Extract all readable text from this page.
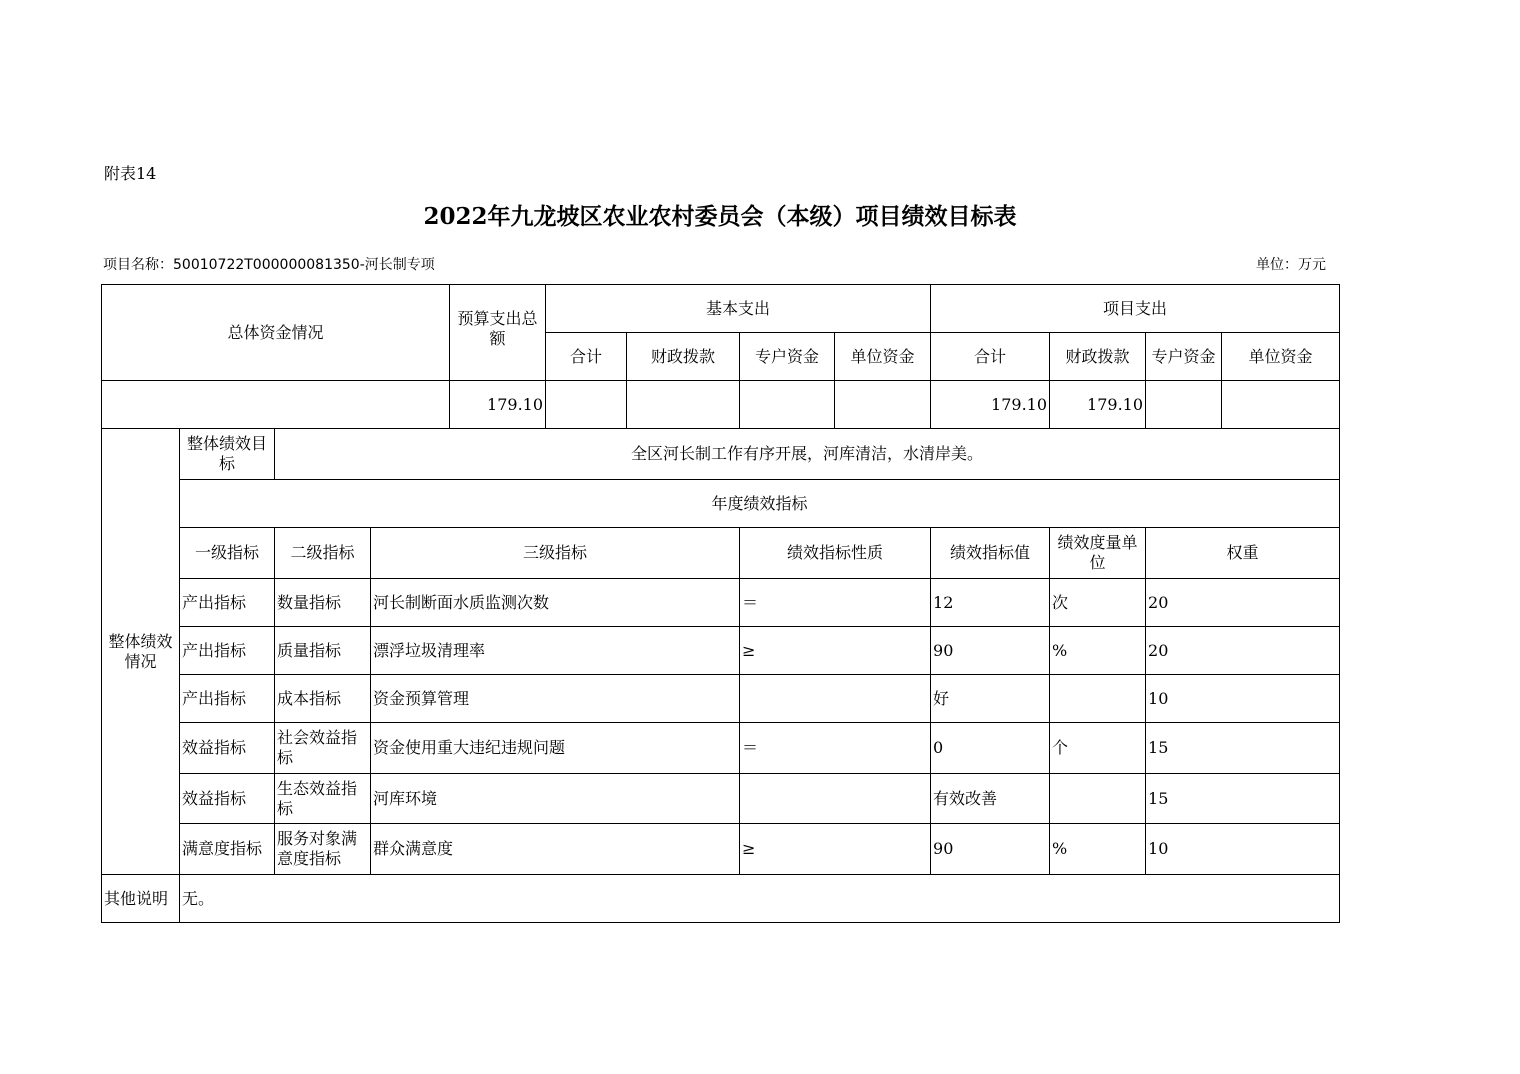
附表14
2022年九龙坡区农业农村委员会（本级）项目绩效目标表
项目名称：50010722T000000081350-河长制专项	单位：万元
总体资金情况				预算支出总额	基本支出				项目支出			
					合计	财政拨款	专户资金	单位资金	合计	财政拨款	专户资金	单位资金
				179.10					179.10	179.10		
整体绩效情况	整体绩效目标	全区河长制工作有序开展，河库清洁，水清岸美。										
	年度绩效指标											
	一级指标	二级指标	三级指标				绩效指标性质		绩效指标值	绩效度量单位	权重	
	产出指标	数量指标	河长制断面水质监测次数				＝		12	次	20	
	产出指标	质量指标	漂浮垃圾清理率				≥		90	%	20	
	产出指标	成本指标	资金预算管理						好		10	
	效益指标	社会效益指标	资金使用重大违纪违规问题				＝		0	个	15	
	效益指标	生态效益指标	河库环境						有效改善		15	
	满意度指标	服务对象满意度指标	群众满意度				≥		90	%	10	
其他说明	无。											
